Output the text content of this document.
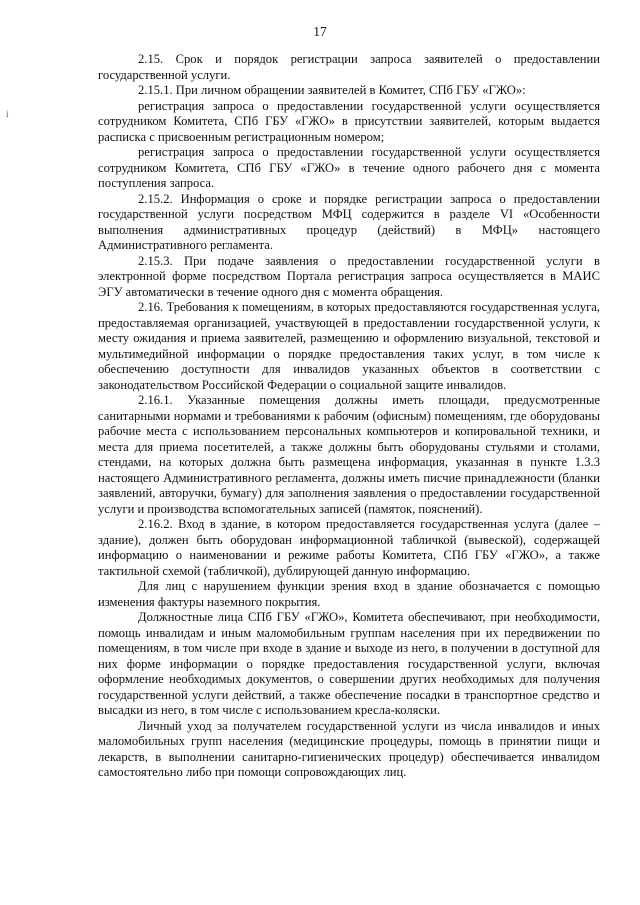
17
i

2.15. Срок и порядок регистрации запроса заявителей о предоставлении государственной услуги.

2.15.1. При личном обращении заявителей в Комитет, СПб ГБУ «ГЖО»:

регистрация запроса о предоставлении государственной услуги осуществляется сотрудником Комитета, СПб ГБУ «ГЖО» в присутствии заявителей, которым выдается расписка с присвоенным регистрационным номером;

регистрация запроса о предоставлении государственной услуги осуществляется сотрудником Комитета, СПб ГБУ «ГЖО» в течение одного рабочего дня с момента поступления запроса.

2.15.2. Информация о сроке и порядке регистрации запроса о предоставлении государственной услуги посредством МФЦ содержится в разделе VI «Особенности выполнения административных процедур (действий) в МФЦ» настоящего Административного регламента.

2.15.3. При подаче заявления о предоставлении государственной услуги в электронной форме посредством Портала регистрация запроса осуществляется в МАИС ЭГУ автоматически в течение одного дня с момента обращения.

2.16. Требования к помещениям, в которых предоставляются государственная услуга, предоставляемая организацией, участвующей в предоставлении государственной услуги, к месту ожидания и приема заявителей, размещению и оформлению визуальной, текстовой и мультимедийной информации о порядке предоставления таких услуг, в том числе к обеспечению доступности для инвалидов указанных объектов в соответствии с законодательством Российской Федерации о социальной защите инвалидов.

2.16.1. Указанные помещения должны иметь площади, предусмотренные санитарными нормами и требованиями к рабочим (офисным) помещениям, где оборудованы рабочие места с использованием персональных компьютеров и копировальной техники, и места для приема посетителей, а также должны быть оборудованы стульями и столами, стендами, на которых должна быть размещена информация, указанная в пункте 1.3.3 настоящего Административного регламента, должны иметь писчие принадлежности (бланки заявлений, авторучки, бумагу) для заполнения заявления о предоставлении государственной услуги и производства вспомогательных записей (памяток, пояснений).

2.16.2. Вход в здание, в котором предоставляется государственная услуга (далее – здание), должен быть оборудован информационной табличкой (вывеской), содержащей информацию о наименовании и режиме работы Комитета, СПб ГБУ «ГЖО», а также тактильной схемой (табличкой), дублирующей данную информацию.

Для лиц с нарушением функции зрения вход в здание обозначается с помощью изменения фактуры наземного покрытия.

Должностные лица СПб ГБУ «ГЖО», Комитета обеспечивают, при необходимости, помощь инвалидам и иным маломобильным группам населения при их передвижении по помещениям, в том числе при входе в здание и выходе из него, в получении в доступной для них форме информации о порядке предоставления государственной услуги, включая оформление необходимых документов, о совершении других необходимых для получения государственной услуги действий, а также обеспечение посадки в транспортное средство и высадки из него, в том числе с использованием кресла-коляски.

Личный уход за получателем государственной услуги из числа инвалидов и иных маломобильных групп населения (медицинские процедуры, помощь в принятии пищи и лекарств, в выполнении санитарно-гигиенических процедур) обеспечивается инвалидом самостоятельно либо при помощи сопровождающих лиц.
